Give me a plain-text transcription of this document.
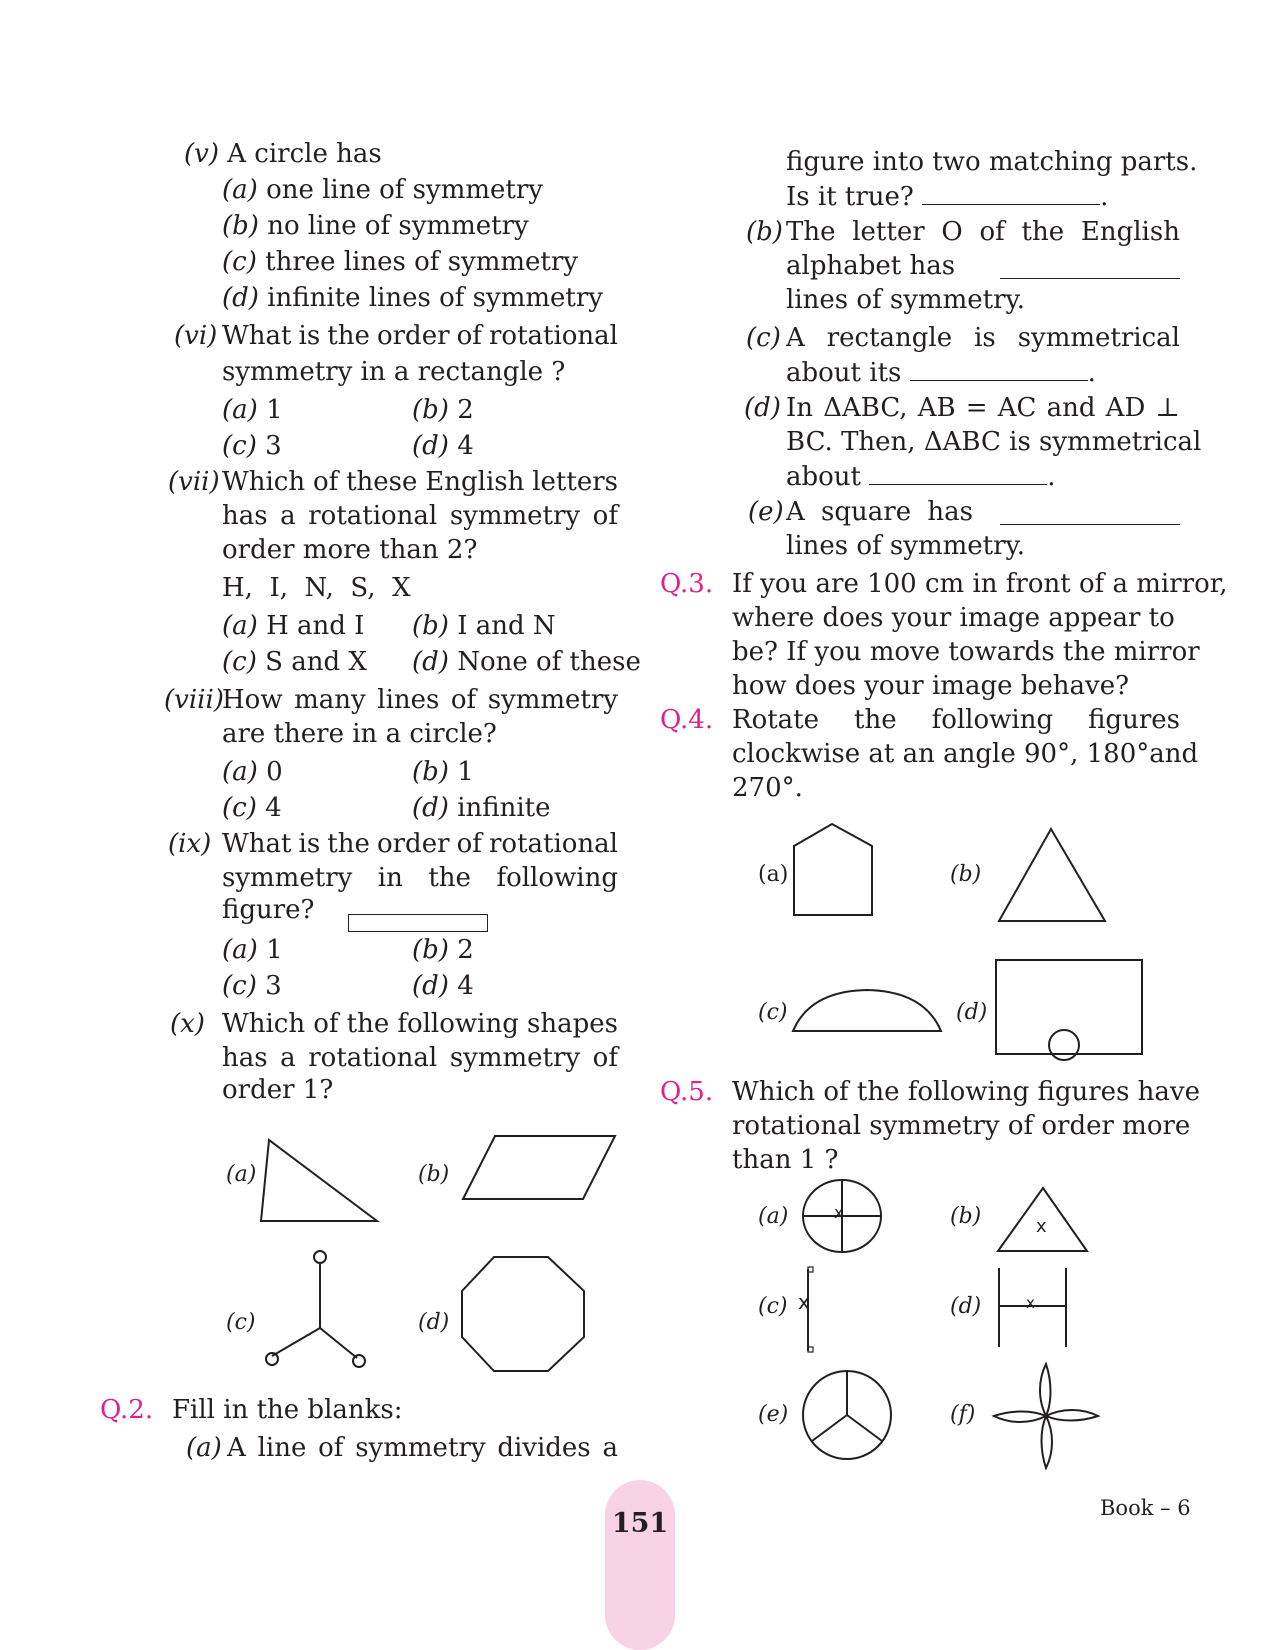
(v) A circle has
(a) one line of symmetry
(b) no line of symmetry
(c) three lines of symmetry
(d) infinite lines of symmetry
(vi) What is the order of rotational
symmetry in a rectangle ?
(a) 1	(b) 2
(c) 3	(d) 4
(vii) Which of these English letters
has a rotational symmetry of
order more than 2?
H,  I,  N,  S,  X
(a) H and I (b) I and N
(c) S and X (d) None of these
(viii)
How many lines of symmetry
are there in a circle?
(a) 0	(b) 1
(c) 4	(d) infinite
(ix) What is the order of rotational
symmetry in the following
figure?
(a) 1	(b) 2
(c) 3	(d) 4
(x) Which of the following shapes
has a rotational symmetry of
order 1?
(a)	(b)
(c)	(d)
Q.2. Fill in the blanks:
(a) A line of symmetry divides a
figure into two matching parts.
Is it true?	.
(b) The letter O of the English
alphabet has
lines of symmetry.
(c) A rectangle is symmetrical
about its	.
(d) In ΔABC, AB = AC and AD ⊥
BC. Then, ΔABC is symmetrical
about	.
(e) A square has
lines of symmetry.
Q.3. If you are 100 cm in front of a mirror,
where does your image appear to
be? If you move towards the mirror
how does your image behave?
Q.4. Rotate the following figures
clockwise at an angle 90°, 180°and
270°.
(a)	(b)
(c)	(d)
Q.5. Which of the following figures have
rotational symmetry of order more
than 1 ?
(a)	x	(b)	x
(c) x	(d)	x
(e)	(f)
151	Book – 6
